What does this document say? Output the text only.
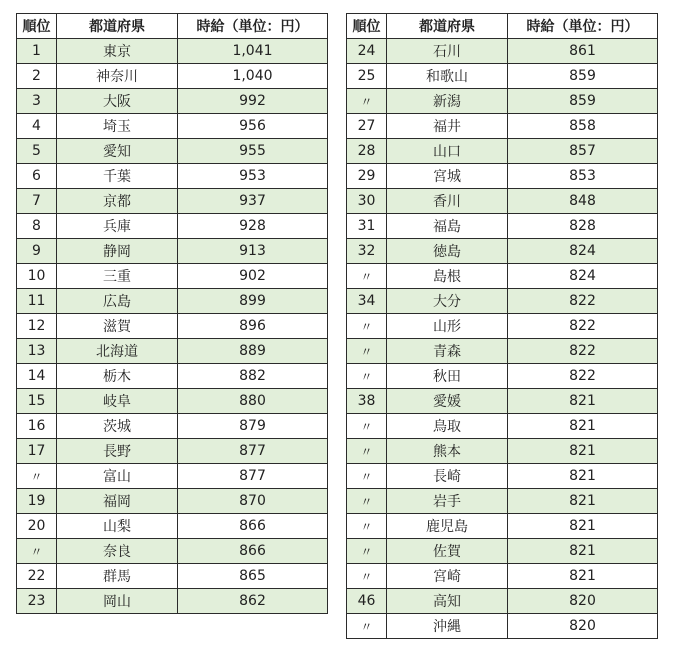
順位	都道府県	時給（単位：円）
1	東京	1,041
2	神奈川	1,040
3	大阪	992
4	埼玉	956
5	愛知	955
6	千葉	953
7	京都	937
8	兵庫	928
9	静岡	913
10	三重	902
11	広島	899
12	滋賀	896
13	北海道	889
14	栃木	882
15	岐阜	880
16	茨城	879
17	長野	877
〃	富山	877
19	福岡	870
20	山梨	866
〃	奈良	866
22	群馬	865
23	岡山	862
順位	都道府県	時給（単位：円）
24	石川	861
25	和歌山	859
〃	新潟	859
27	福井	858
28	山口	857
29	宮城	853
30	香川	848
31	福島	828
32	徳島	824
〃	島根	824
34	大分	822
〃	山形	822
〃	青森	822
〃	秋田	822
38	愛媛	821
〃	鳥取	821
〃	熊本	821
〃	長崎	821
〃	岩手	821
〃	鹿児島	821
〃	佐賀	821
〃	宮崎	821
46	高知	820
〃	沖縄	820
